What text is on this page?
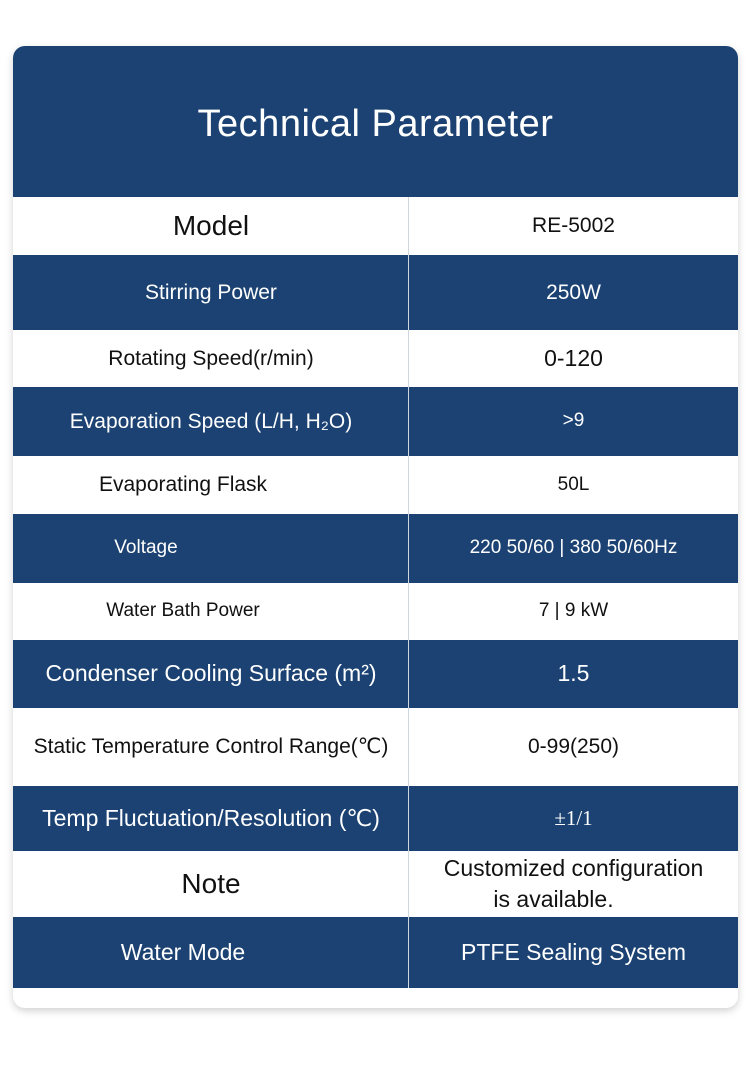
Technical Parameter
Model	RE-5002
Stirring Power	250W
Rotating Speed(r/min)	0-120
Evaporation Speed (L/H, H₂O)	>9
Evaporating Flask	50L
Voltage	220 50/60 | 380 50/60Hz
Water Bath Power	7 | 9 kW
Condenser Cooling Surface (m²)	1.5
Static Temperature Control Range(℃)	0-99(250)
Temp Fluctuation/Resolution (℃)	±1/1
Note	Customized configuration
is available.
Water Mode	PTFE Sealing System
